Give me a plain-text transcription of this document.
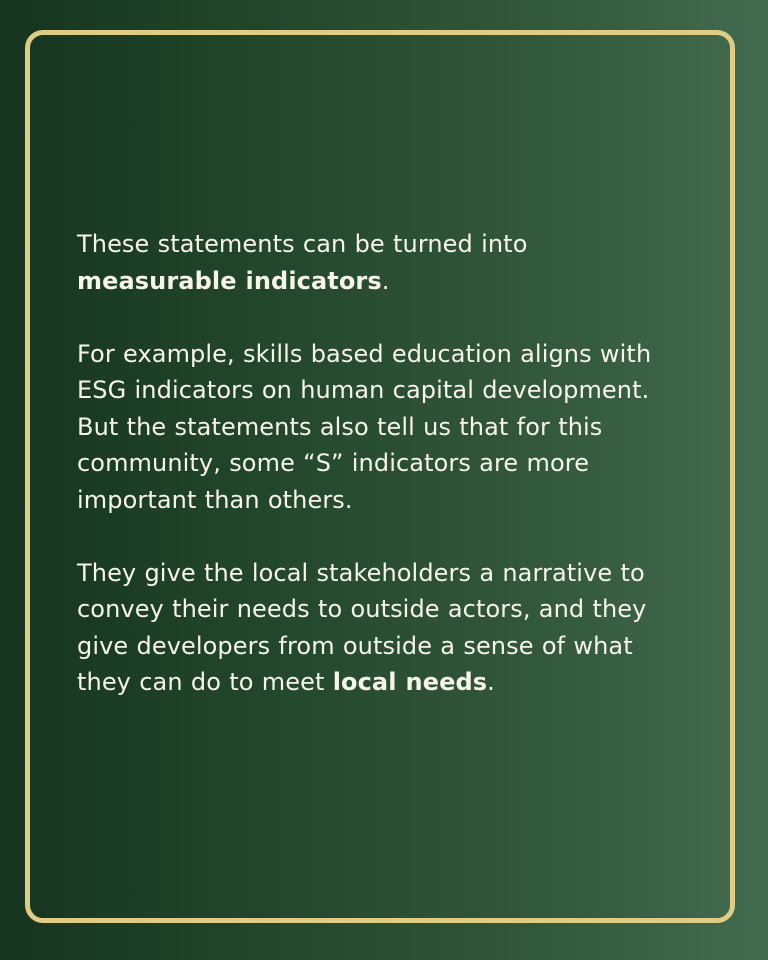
These statements can be turned into
measurable indicators.

For example, skills based education aligns with
ESG indicators on human capital development.
But the statements also tell us that for this
community, some “S” indicators are more
important than others.

They give the local stakeholders a narrative to
convey their needs to outside actors, and they
give developers from outside a sense of what
they can do to meet local needs.
